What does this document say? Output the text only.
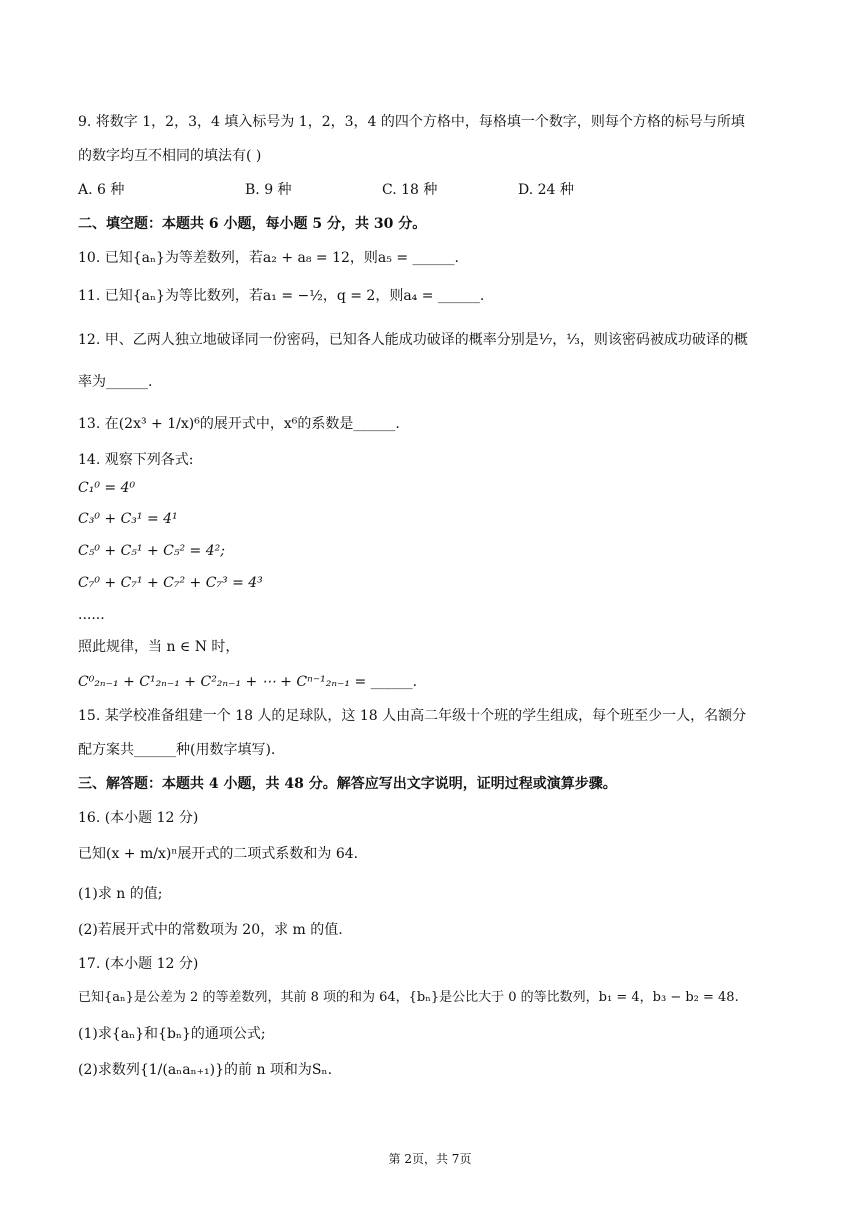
9. 将数字 1，2，3，4 填入标号为 1，2，3，4 的四个方格中，每格填一个数字，则每个方格的标号与所填
的数字均互不相同的填法有( )
A. 6 种	B. 9 种	C. 18 种	D. 24 种
二、填空题：本题共 6 小题，每小题 5 分，共 30 分。
10. 已知{aₙ}为等差数列，若a₂ + a₈ = 12，则a₅ = ______.
11. 已知{aₙ}为等比数列，若a₁ = −½，q = 2，则a₄ = ______.
12. 甲、乙两人独立地破译同一份密码，已知各人能成功破译的概率分别是⅐，⅓，则该密码被成功破译的概
率为______.
13. 在(2x³ + 1/x)⁶的展开式中，x⁶的系数是______.
14. 观察下列各式:
C₁⁰ = 4⁰
C₃⁰ + C₃¹ = 4¹
C₅⁰ + C₅¹ + C₅² = 4²;
C₇⁰ + C₇¹ + C₇² + C₇³ = 4³
......
照此规律，当 n ∈ N 时，
C⁰₂ₙ₋₁ + C¹₂ₙ₋₁ + C²₂ₙ₋₁ + ⋯ + Cⁿ⁻¹₂ₙ₋₁ = ______.
15. 某学校准备组建一个 18 人的足球队，这 18 人由高二年级十个班的学生组成，每个班至少一人，名额分
配方案共______种(用数字填写).
三、解答题：本题共 4 小题，共 48 分。解答应写出文字说明，证明过程或演算步骤。
16. (本小题 12 分)
已知(x + m/x)ⁿ展开式的二项式系数和为 64.
(1)求 n 的值;
(2)若展开式中的常数项为 20，求 m 的值.
17. (本小题 12 分)
已知{aₙ}是公差为 2 的等差数列，其前 8 项的和为 64，{bₙ}是公比大于 0 的等比数列，b₁ = 4，b₃ − b₂ = 48.
(1)求{aₙ}和{bₙ}的通项公式;
(2)求数列{1/(aₙaₙ₊₁)}的前 n 项和为Sₙ.
第 2页，共 7页
